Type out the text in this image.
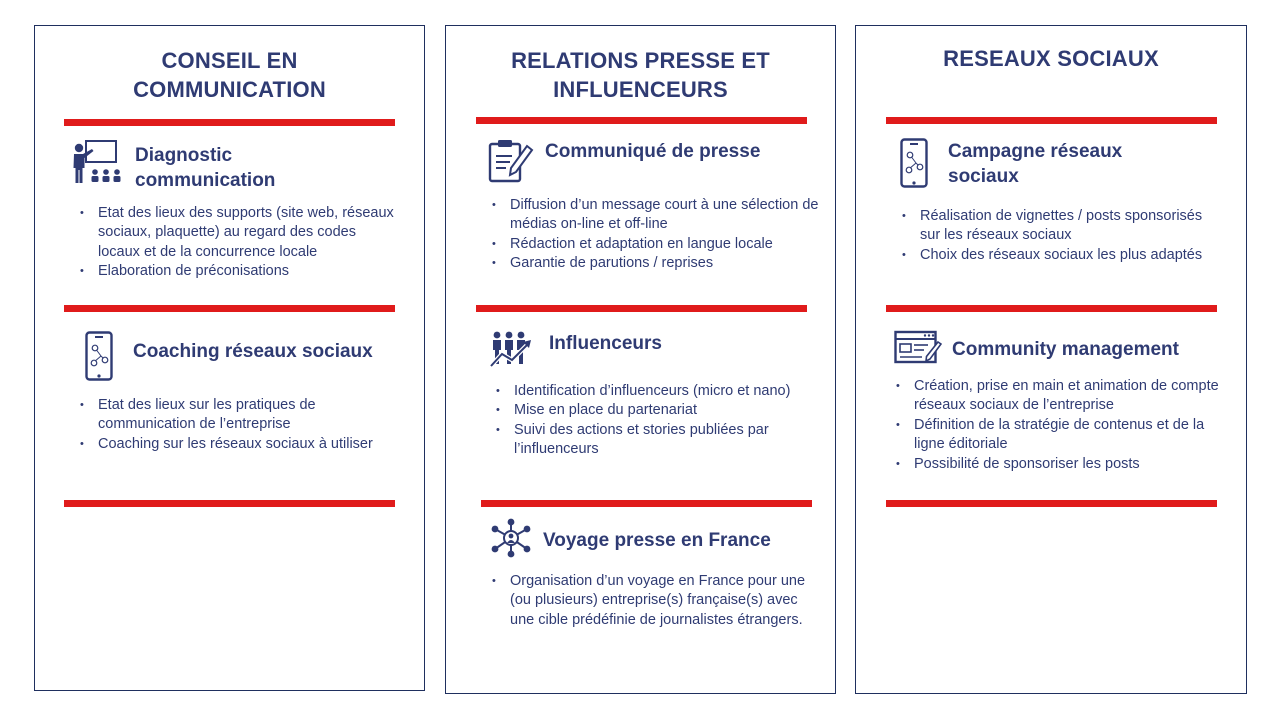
CONSEIL EN COMMUNICATION
Diagnostic communication
• Etat des lieux des supports (site web, réseaux sociaux, plaquette) au regard des codes locaux et de la concurrence locale
• Elaboration de préconisations
Coaching réseaux sociaux
• Etat des lieux sur les pratiques de communication de l’entreprise
• Coaching sur les réseaux sociaux à utiliser
RELATIONS PRESSE ET INFLUENCEURS
Communiqué de presse
• Diffusion d’un message court à une sélection de médias on-line et off-line
• Rédaction et adaptation en langue locale
• Garantie de parutions / reprises
Influenceurs
• Identification d’influenceurs (micro et nano)
• Mise en place du partenariat
• Suivi des actions et stories publiées par l’influenceurs
Voyage presse en France
• Organisation d’un voyage en France pour une (ou plusieurs) entreprise(s) française(s) avec une cible prédéfinie de journalistes étrangers.
RESEAUX SOCIAUX
Campagne réseaux sociaux
• Réalisation de vignettes / posts sponsorisés sur les réseaux sociaux
• Choix des réseaux sociaux les plus adaptés
Community management
• Création, prise en main et animation de compte réseaux sociaux de l’entreprise
• Définition de la stratégie de contenus et de la ligne éditoriale
• Possibilité de sponsoriser les posts
